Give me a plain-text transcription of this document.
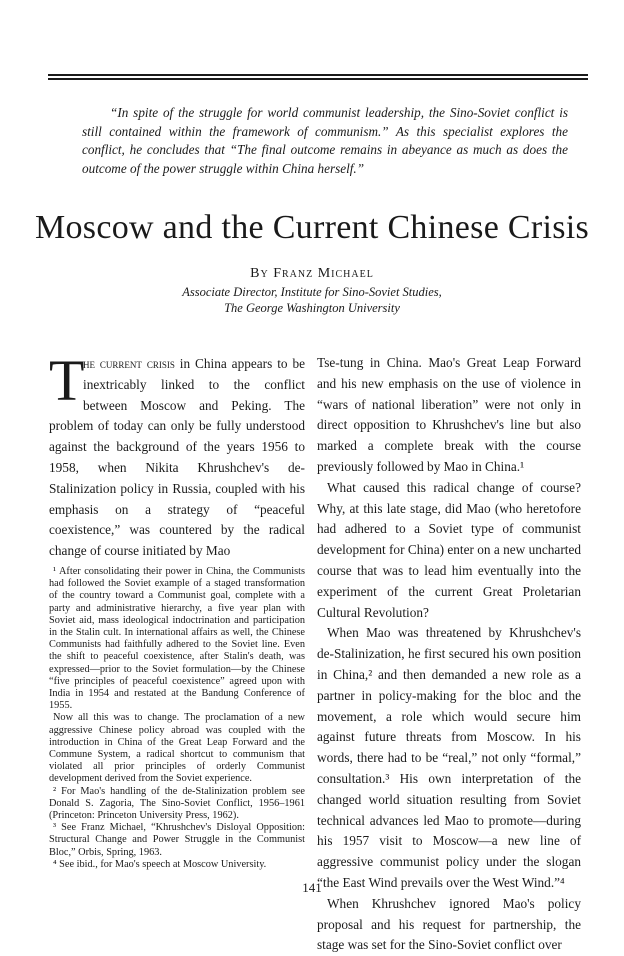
“In spite of the struggle for world communist leadership, the Sino-Soviet conflict is still contained within the framework of communism.” As this specialist explores the conflict, he concludes that “The final outcome remains in abeyance as much as does the outcome of the power struggle within China herself.”
Moscow and the Current Chinese Crisis
By Franz Michael
Associate Director, Institute for Sino-Soviet Studies,
The George Washington University

T
he current crisis in China appears to be inextricably linked to the conflict between Moscow and Peking. The problem of today can only be fully understood against the background of the years 1956 to 1958, when Nikita Khrushchev's de-Stalinization policy in Russia, coupled with his emphasis on a strategy of “peaceful coexistence,” was countered by the radical change of course initiated by Mao

¹ After consolidating their power in China, the Communists had followed the Soviet example of a staged transformation of the country toward a Communist goal, complete with a party and administrative hierarchy, a five year plan with Soviet aid, mass ideological indoctrination and participation in the Stalin cult. In international affairs as well, the Chinese Communists had faithfully adhered to the Soviet line. Even the shift to peaceful coexistence, after Stalin's death, was expressed—prior to the Soviet formulation—by the Chinese “five principles of peaceful coexistence” agreed upon with India in 1954 and restated at the Bandung Conference of 1955.

Now all this was to change. The proclamation of a new aggressive Chinese policy abroad was coupled with the introduction in China of the Great Leap Forward and the Commune System, a radical shortcut to communism that violated all prior principles of orderly Communist development derived from the Soviet experience.

² For Mao's handling of the de-Stalinization problem see Donald S. Zagoria, The Sino-Soviet Conflict, 1956–1961 (Princeton: Princeton University Press, 1962).

³ See Franz Michael, “Khrushchev's Disloyal Opposition: Structural Change and Power Struggle in the Communist Bloc,” Orbis, Spring, 1963.

⁴ See ibid., for Mao's speech at Moscow University.

Tse-tung in China. Mao's Great Leap Forward and his new emphasis on the use of violence in “wars of national liberation” were not only in direct opposition to Khrushchev's line but also marked a complete break with the course previously followed by Mao in China.¹

What caused this radical change of course? Why, at this late stage, did Mao (who heretofore had adhered to a Soviet type of communist development for China) enter on a new uncharted course that was to lead him eventually into the experiment of the current Great Proletarian Cultural Revolution?

When Mao was threatened by Khrushchev's de-Stalinization, he first secured his own position in China,² and then demanded a new role as a partner in policy-making for the bloc and the movement, a role which would secure him against future threats from Moscow. In his words, there had to be “real,” not only “formal,” consultation.³ His own interpretation of the changed world situation resulting from Soviet technical advances led Mao to promote—during his 1957 visit to Moscow—a new line of aggressive communist policy under the slogan “the East Wind prevails over the West Wind.”⁴

When Khrushchev ignored Mao's policy proposal and his request for partnership, the stage was set for the Sino-Soviet conflict over

141
